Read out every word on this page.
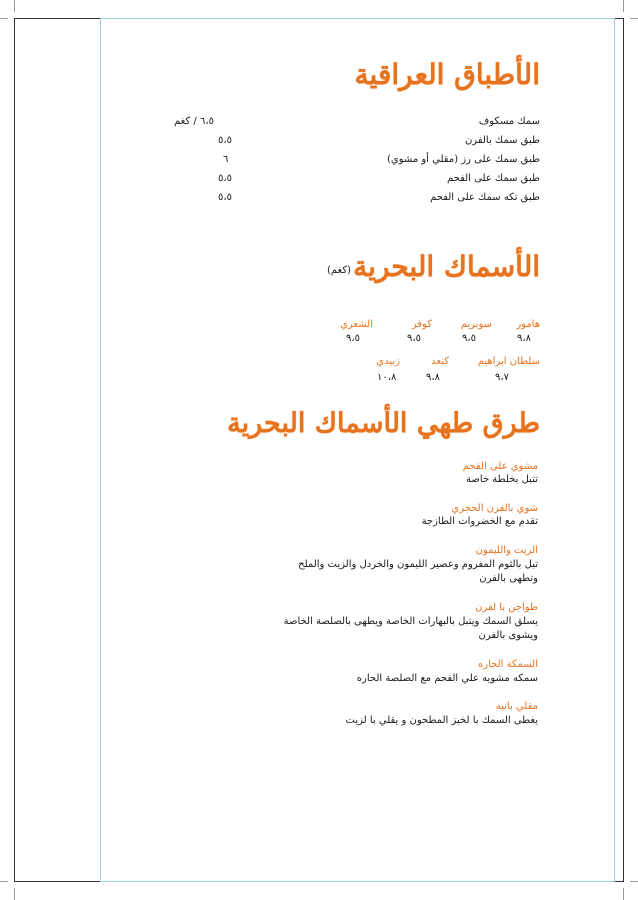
الأطباق العراقية
سمك مسكوف
٦،٥ / كغم
طبق سمك بالفرن
٥،٥
طبق سمك على رز (مقلي أو مشوي)
٦
طبق سمك على الفحم
٥،٥
طبق تكه سمك على الفحم
٥،٥
الأسماك البحرية
(كغم)
هامور
٩،٨
سوبريم
٩،٥
كوفر
٩،٥
الشعري
٩،٥
سلطان ابراهيم
٩،٧
كنعد
٩،٨
زبيدي
١٠،٨
طرق طهي الأسماك البحرية
مشوي على الفحم
تتبل بخلطة خاصة
شوي بالفرن الحجري
تقدم مع الخضروات الطازجة
الزيت والليمون
تبل بالثوم المفروم وعصير الليمون والخردل والزيت والملح
وتطهى بالفرن
طواجن با لفرن
يسلق السمك ويتبل بالبهارات الخاصة ويطهى بالصلصة الخاصة
ويشوى بالفرن
السمكة الحاره
سمكه مشويه علي الفحم مع الصلصة الحاره
مقلي بانيه
يغطى السمك با لخبز المطحون و يقلي با لزيت
